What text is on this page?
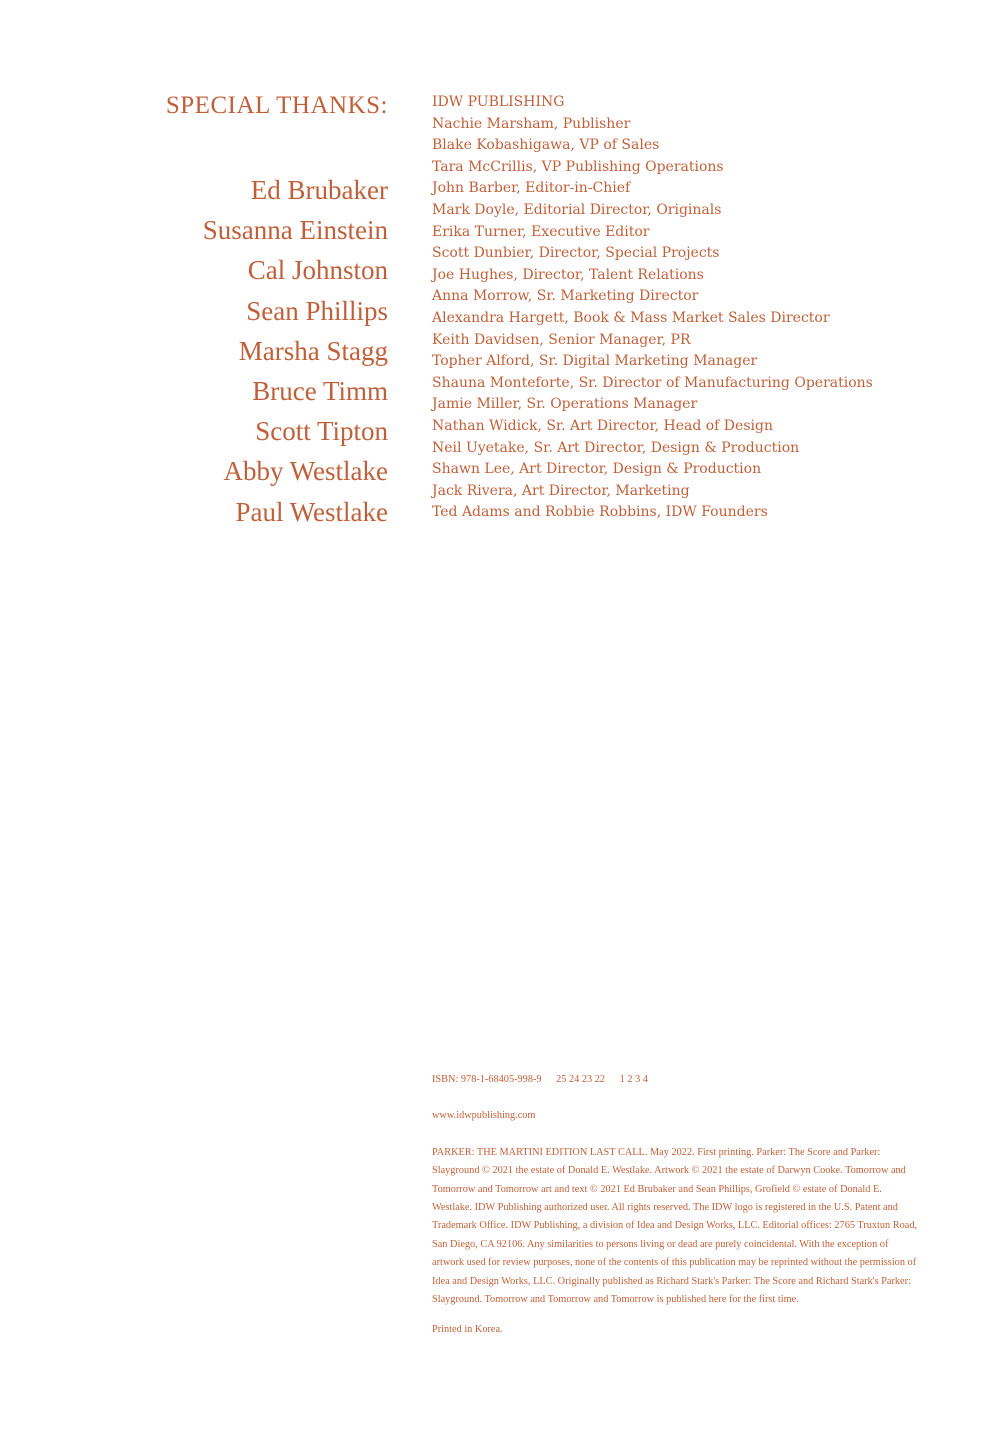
SPECIAL THANKS:
Ed Brubaker
Susanna Einstein
Cal Johnston
Sean Phillips
Marsha Stagg
Bruce Timm
Scott Tipton
Abby Westlake
Paul Westlake
IDW PUBLISHING
Nachie Marsham, Publisher
Blake Kobashigawa, VP of Sales
Tara McCrillis, VP Publishing Operations
John Barber, Editor-in-Chief
Mark Doyle, Editorial Director, Originals
Erika Turner, Executive Editor
Scott Dunbier, Director, Special Projects
Joe Hughes, Director, Talent Relations
Anna Morrow, Sr. Marketing Director
Alexandra Hargett, Book & Mass Market Sales Director
Keith Davidsen, Senior Manager, PR
Topher Alford, Sr. Digital Marketing Manager
Shauna Monteforte, Sr. Director of Manufacturing Operations
Jamie Miller, Sr. Operations Manager
Nathan Widick, Sr. Art Director, Head of Design
Neil Uyetake, Sr. Art Director, Design & Production
Shawn Lee, Art Director, Design & Production
Jack Rivera, Art Director, Marketing
Ted Adams and Robbie Robbins, IDW Founders

ISBN: 978-1-68405-998-9 25 24 23 22 1 2 3 4

www.idwpublishing.com

PARKER: THE MARTINI EDITION LAST CALL. May 2022. First printing. Parker: The Score and Parker: Slayground © 2021 the estate of Donald E. Westlake. Artwork © 2021 the estate of Darwyn Cooke. Tomorrow and Tomorrow and Tomorrow art and text © 2021 Ed Brubaker and Sean Phillips, Grofield © estate of Donald E. Westlake. IDW Publishing authorized user. All rights reserved. The IDW logo is registered in the U.S. Patent and Trademark Office. IDW Publishing, a division of Idea and Design Works, LLC. Editorial offices: 2765 Truxtun Road, San Diego, CA 92106. Any similarities to persons living or dead are purely coincidental. With the exception of artwork used for review purposes, none of the contents of this publication may be reprinted without the permission of Idea and Design Works, LLC. Originally published as Richard Stark's Parker: The Score and Richard Stark's Parker: Slayground. Tomorrow and Tomorrow and Tomorrow is published here for the first time.

Printed in Korea.
